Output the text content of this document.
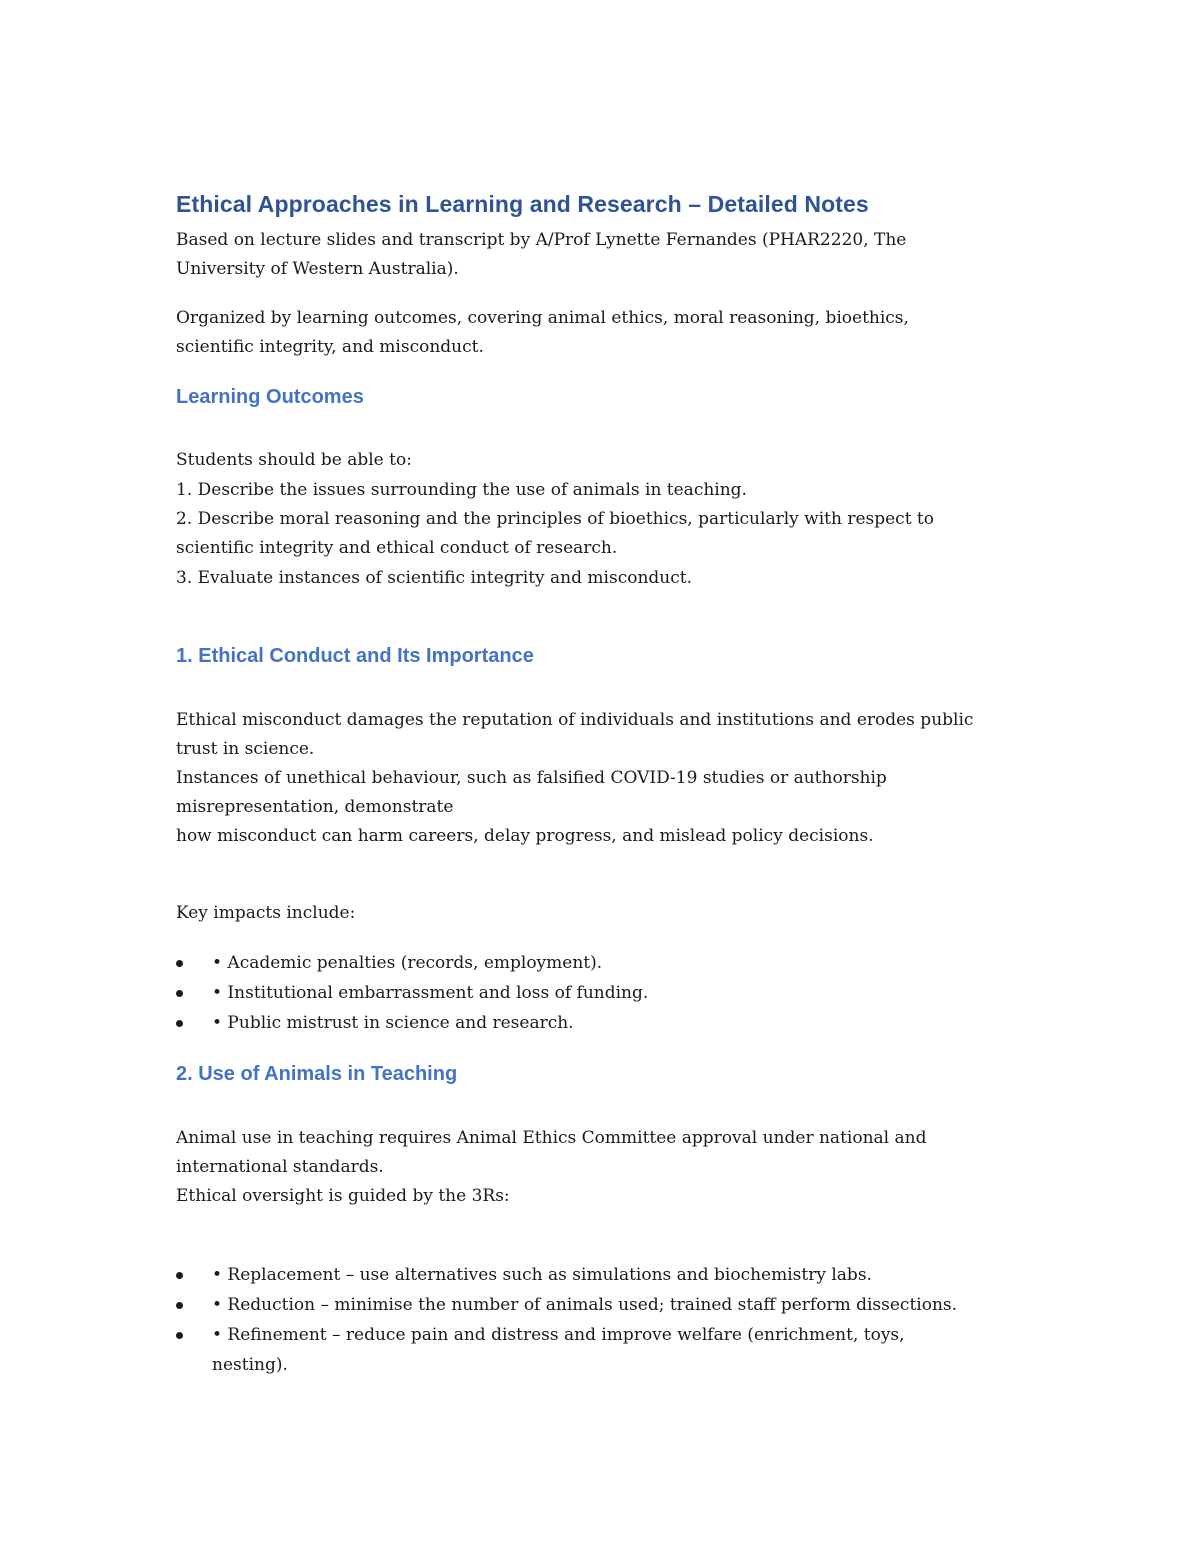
Ethical Approaches in Learning and Research – Detailed Notes

Based on lecture slides and transcript by A/Prof Lynette Fernandes (PHAR2220, The

University of Western Australia).

Organized by learning outcomes, covering animal ethics, moral reasoning, bioethics,

scientific integrity, and misconduct.

Learning Outcomes

Students should be able to:

1. Describe the issues surrounding the use of animals in teaching.

2. Describe moral reasoning and the principles of bioethics, particularly with respect to

scientific integrity and ethical conduct of research.

3. Evaluate instances of scientific integrity and misconduct.

1. Ethical Conduct and Its Importance

Ethical misconduct damages the reputation of individuals and institutions and erodes public

trust in science.

Instances of unethical behaviour, such as falsified COVID-19 studies or authorship

misrepresentation, demonstrate

how misconduct can harm careers, delay progress, and mislead policy decisions.

Key impacts include:

• Academic penalties (records, employment).
• Institutional embarrassment and loss of funding.
• Public mistrust in science and research.
2. Use of Animals in Teaching

Animal use in teaching requires Animal Ethics Committee approval under national and

international standards.

Ethical oversight is guided by the 3Rs:

• Replacement – use alternatives such as simulations and biochemistry labs.
• Reduction – minimise the number of animals used; trained staff perform dissections.
• Refinement – reduce pain and distress and improve welfare (enrichment, toys,
nesting).
